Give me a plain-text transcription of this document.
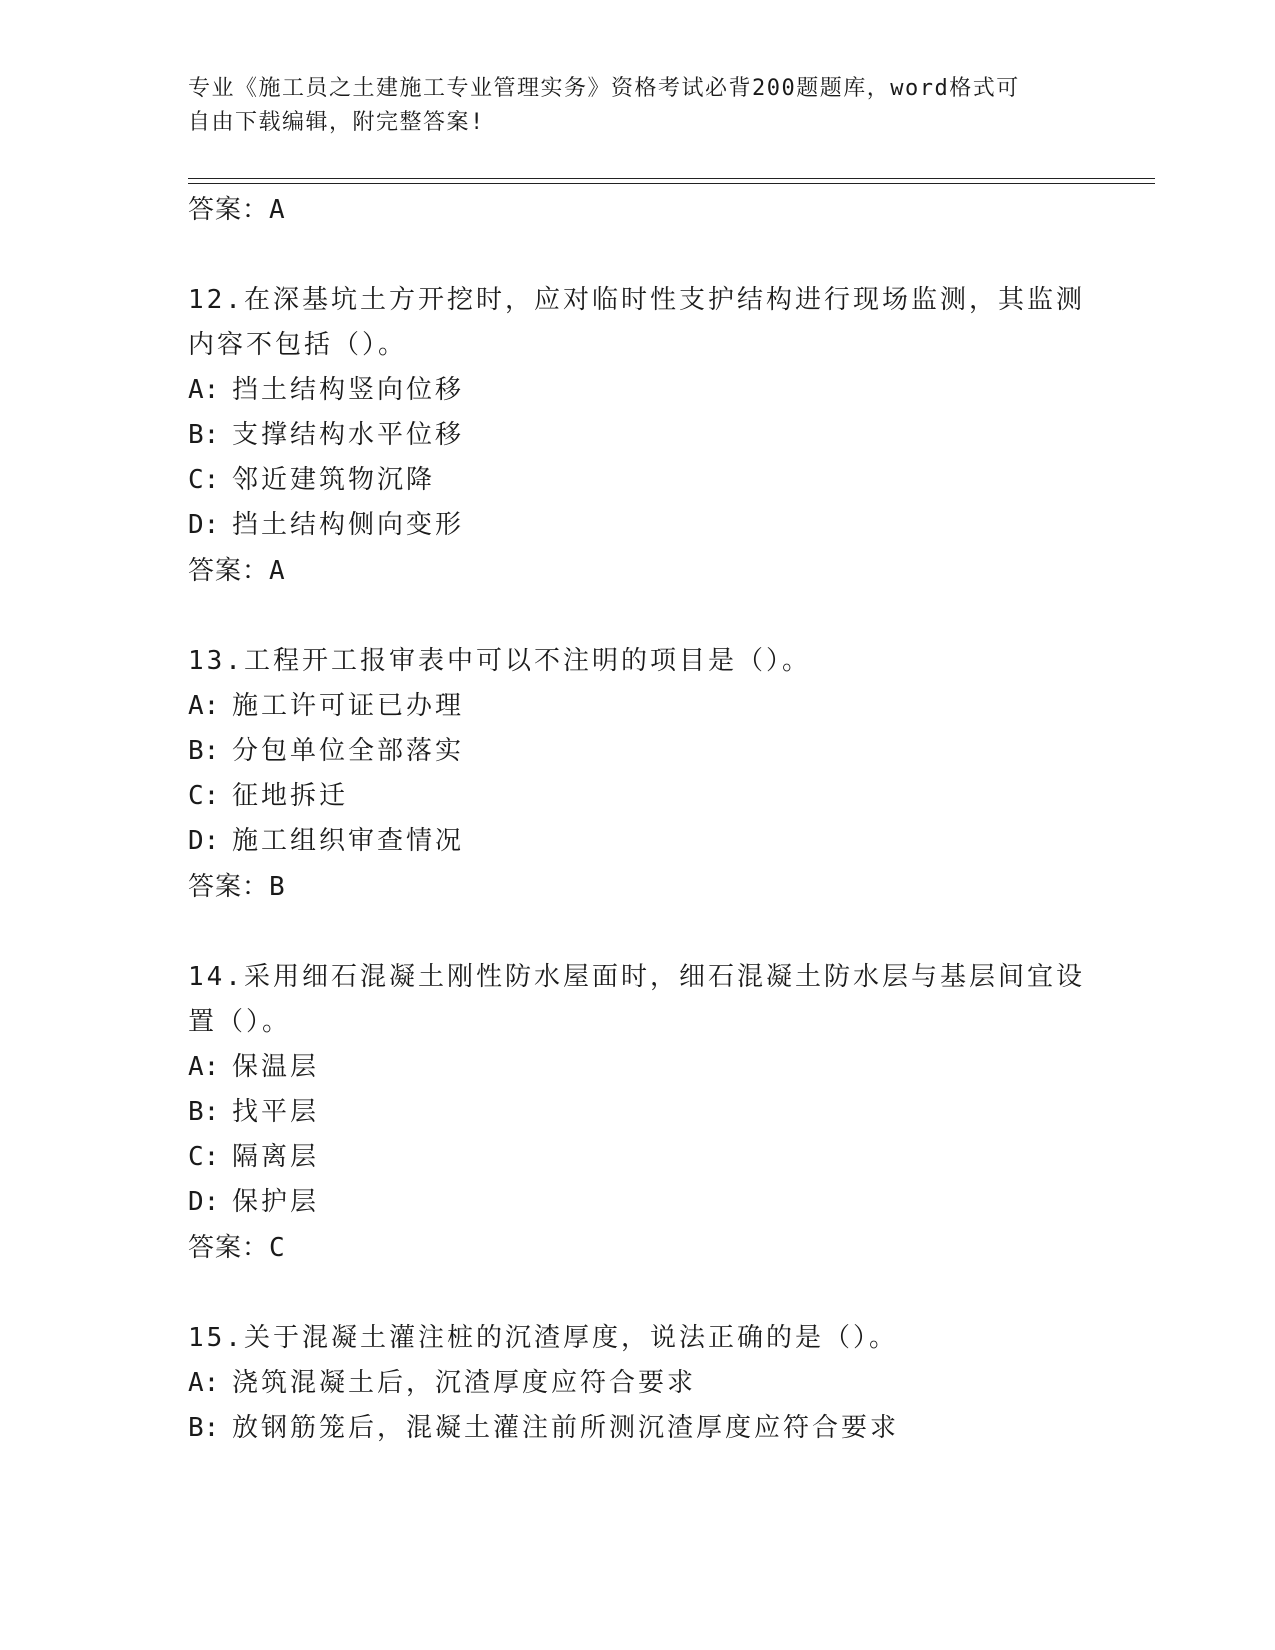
专业《施工员之土建施工专业管理实务》资格考试必背200题题库，word格式可
自由下载编辑，附完整答案!
答案：A
12.在深基坑土方开挖时，应对临时性支护结构进行现场监测，其监测
内容不包括（）。
A: 挡土结构竖向位移
B: 支撑结构水平位移
C: 邻近建筑物沉降
D: 挡土结构侧向变形
答案：A
13.工程开工报审表中可以不注明的项目是（）。
A: 施工许可证已办理
B: 分包单位全部落实
C: 征地拆迁
D: 施工组织审查情况
答案：B
14.采用细石混凝土刚性防水屋面时，细石混凝土防水层与基层间宜设
置（）。
A: 保温层
B: 找平层
C: 隔离层
D: 保护层
答案：C
15.关于混凝土灌注桩的沉渣厚度，说法正确的是（）。
A: 浇筑混凝土后，沉渣厚度应符合要求
B: 放钢筋笼后，混凝土灌注前所测沉渣厚度应符合要求
